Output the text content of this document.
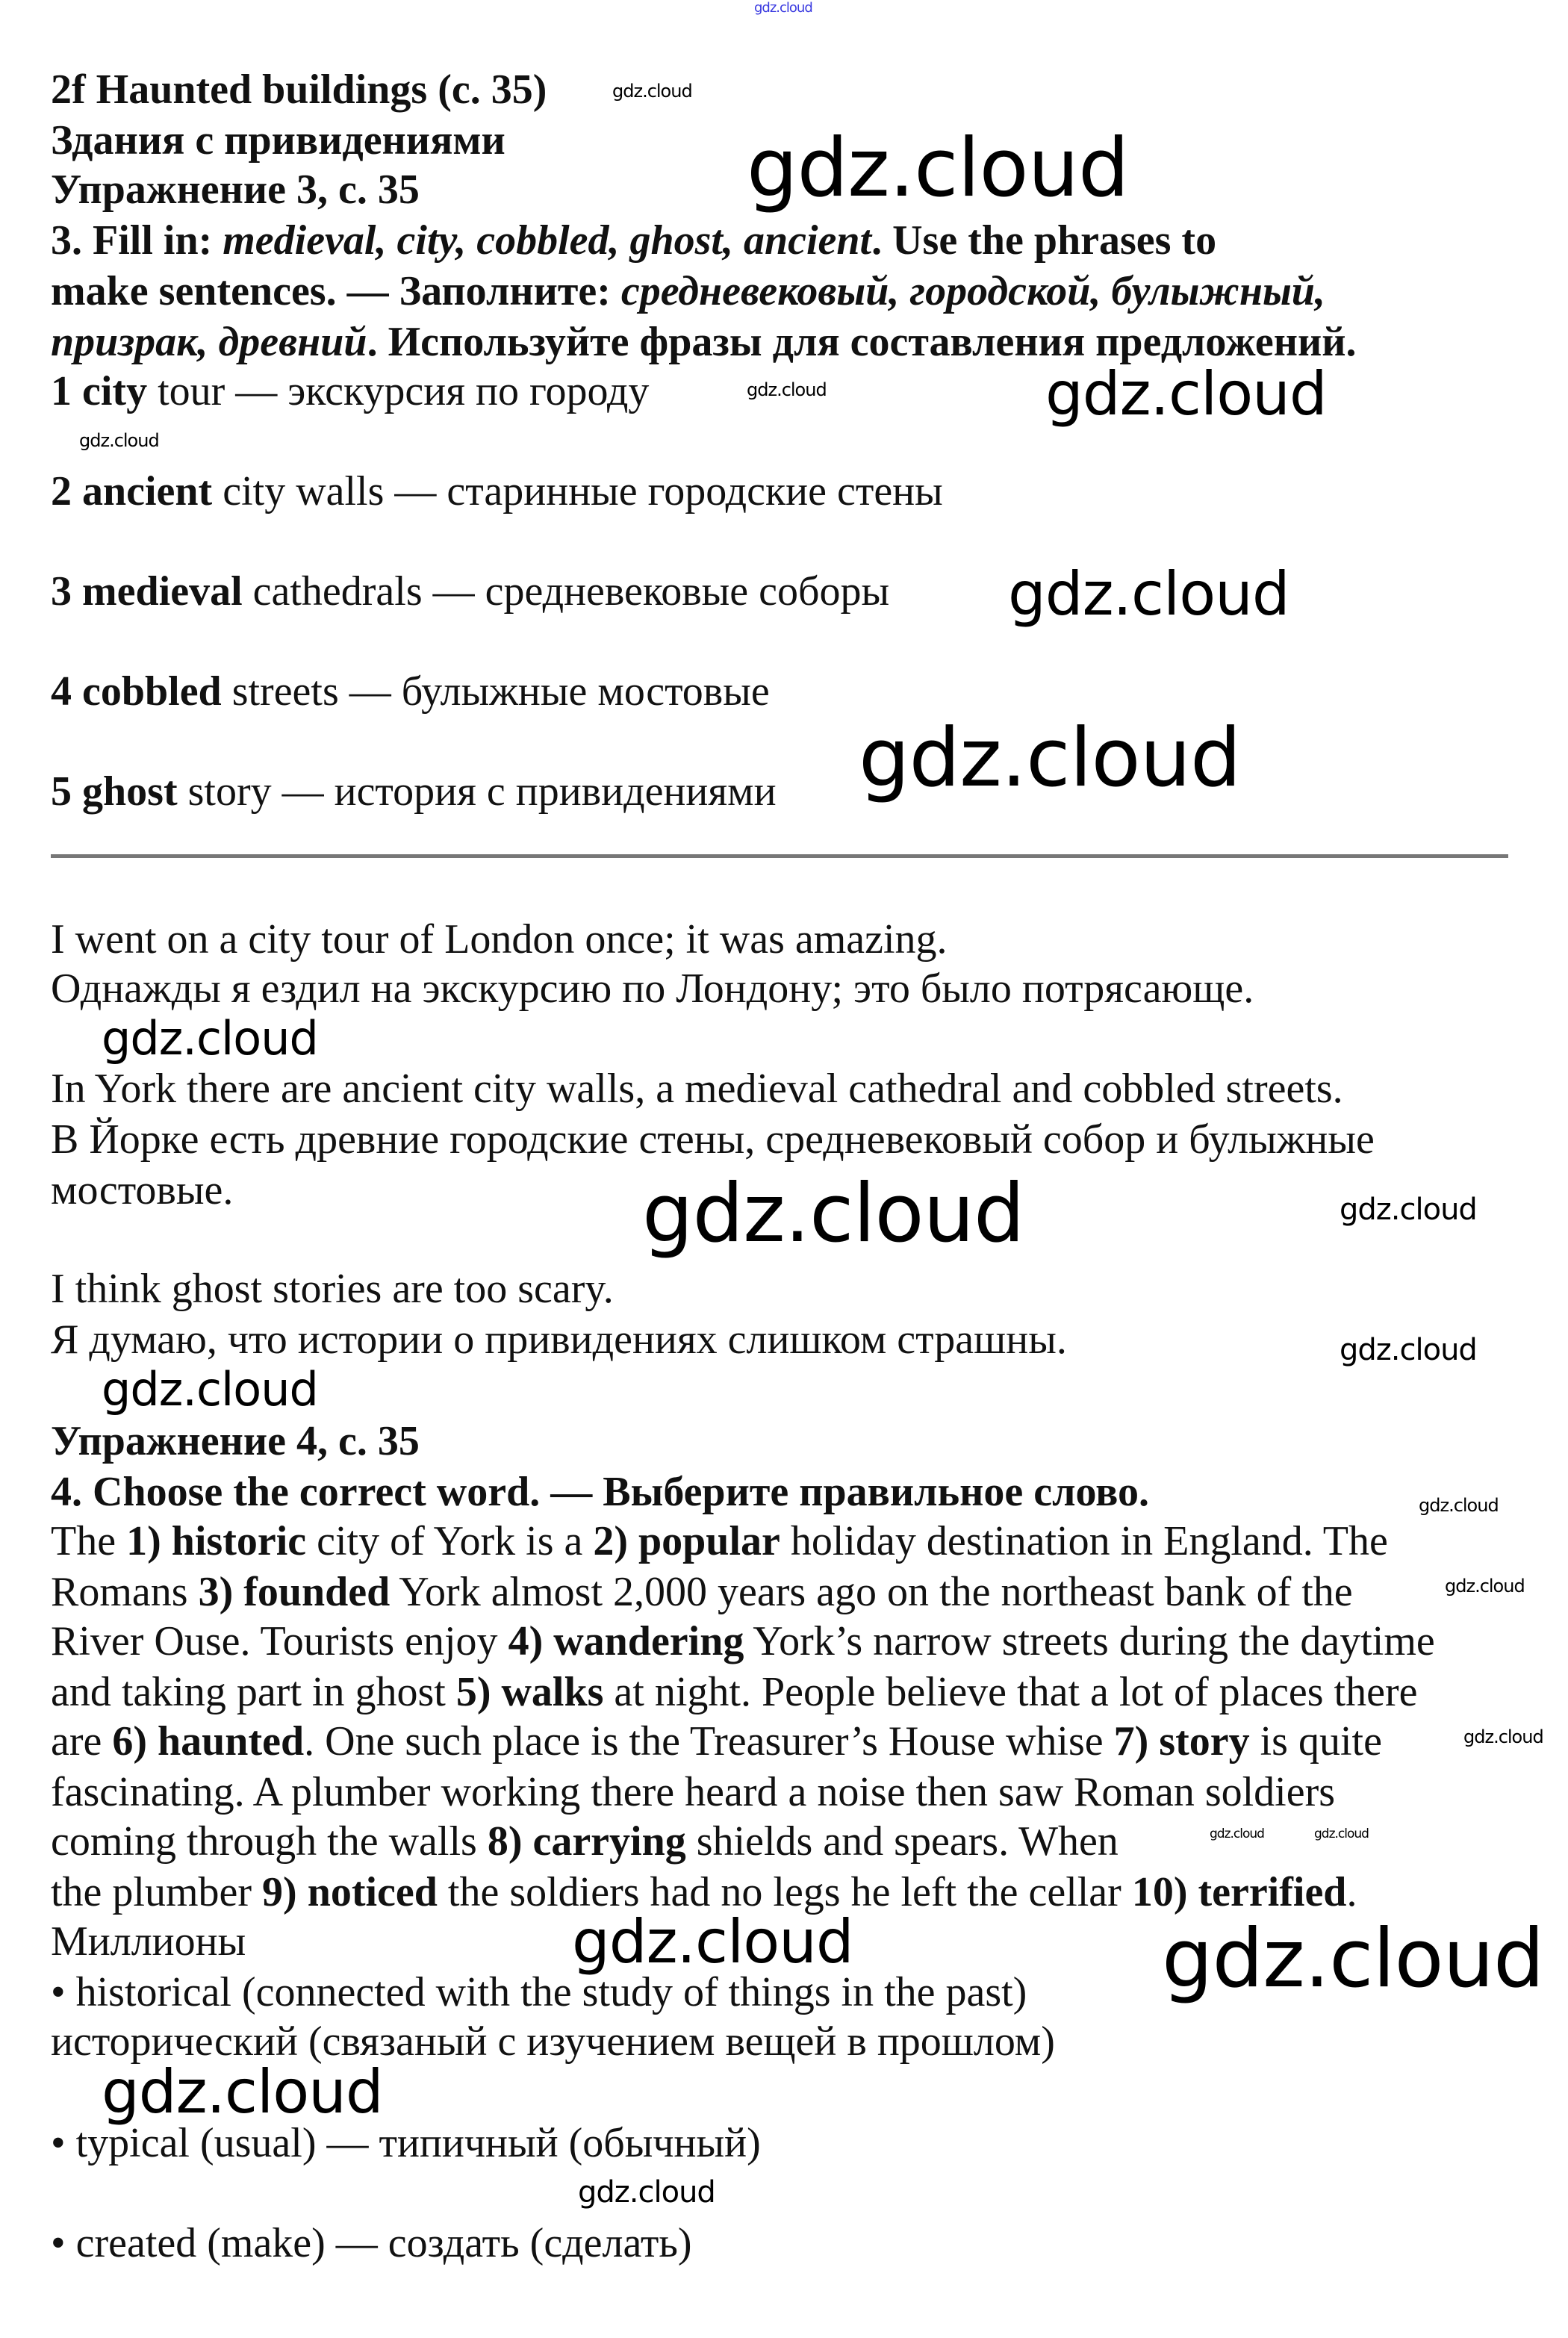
2f Haunted buildings (c. 35)
Здания с привидениями
Упражнение 3, с. 35
3. Fill in: medieval, city, cobbled, ghost, ancient. Use the phrases to
make sentences. — Заполните: средневековый, городской, булыжный,
призрак, древний. Используйте фразы для составления предложений.
1 city tour — экскурсия по городу
2 ancient city walls — старинные городские стены
3 medieval cathedrals — средневековые соборы
4 cobbled streets — булыжные мостовые
5 ghost story — история с привидениями
I went on a city tour of London once; it was amazing.
Однажды я ездил на экскурсию по Лондону; это было потрясающе.
In York there are ancient city walls, a medieval cathedral and cobbled streets.
В Йорке есть древние городские стены, средневековый собор и булыжные
мостовые.
I think ghost stories are too scary.
Я думаю, что истории о привидениях слишком страшны.
Упражнение 4, с. 35
4. Choose the correct word. — Выберите правильное слово.
The 1) historic city of York is a 2) popular holiday destination in England. The
Romans 3) founded York almost 2,000 years ago on the northeast bank of the
River Ouse. Tourists enjoy 4) wandering York’s narrow streets during the daytime
and taking part in ghost 5) walks at night. People believe that a lot of places there
are 6) haunted. One such place is the Treasurer’s House whise 7) story is quite
fascinating. A plumber working there heard a noise then saw Roman soldiers
coming through the walls 8) carrying shields and spears. When
the plumber 9) noticed the soldiers had no legs he left the cellar 10) terrified.
Миллионы
• historical (connected with the study of things in the past)
исторический (связаный с изучением вещей в прошлом)
• typical (usual) — типичный (обычный)
• created (make) — создать (сделать)
gdz.cloud
gdz.cloud
gdz.cloud
gdz.cloud
gdz.cloud
gdz.cloud
gdz.cloud
gdz.cloud
gdz.cloud
gdz.cloud	gdz.cloud
gdz.cloud
gdz.cloud
gdz.cloud
gdz.cloud
gdz.cloud
gdz.cloud	gdz.cloud
gdz.cloud	gdz.cloud
gdz.cloud
gdz.cloud
